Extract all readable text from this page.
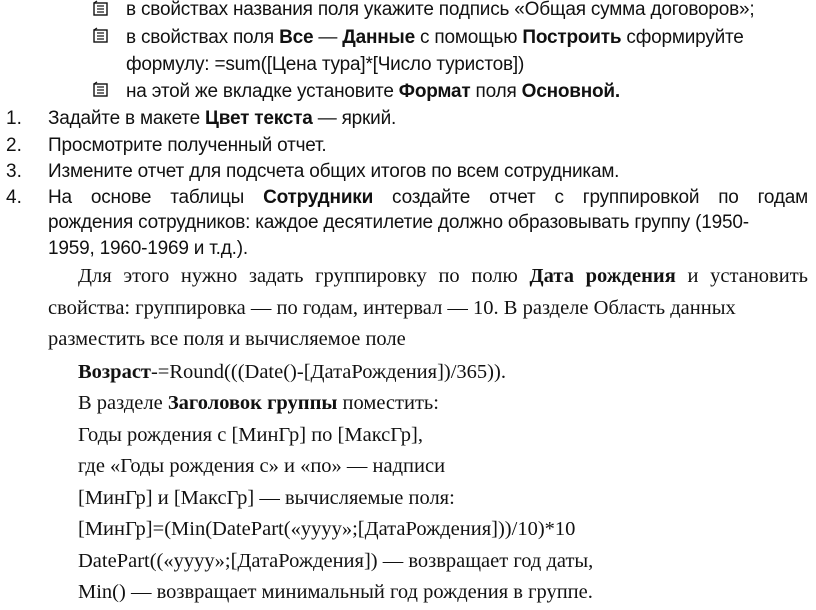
в свойствах названия поля укажите подпись «Общая сумма договоров»;
в свойствах поля Все — Данные с помощью Построить сформируйте
формулу: =sum([Цена тура]*[Число туристов])
на этой же вкладке установите Формат поля Основной.
1. Задайте в макете Цвет текста — яркий.
2. Просмотрите полученный отчет.
3. Измените отчет для подсчета общих итогов по всем сотрудникам.
4. На основе таблицы Сотрудники создайте отчет с группировкой по годам
рождения сотрудников: каждое десятилетие должно образовывать группу (1950-
1959, 1960-1969 и т.д.).
Для этого нужно задать группировку по полю Дата рождения и установить
свойства: группировка — по годам, интервал — 10. В разделе Область данных
разместить все поля и вычисляемое поле
Возраст-=Round(((Date()-[ДатаРождения])/365)).
В разделе Заголовок группы поместить:
Годы рождения с [МинГр] по [МаксГр],
где «Годы рождения с» и «по» — надписи
[МинГр] и [МаксГр] — вычисляемые поля:
[МинГр]=(Min(DatePart(«yyyy»;[ДатаРождения]))/10)*10
DatePart((«yyyy»;[ДатаРождения]) — возвращает год даты,
Min() — возвращает минимальный год рождения в группе.
